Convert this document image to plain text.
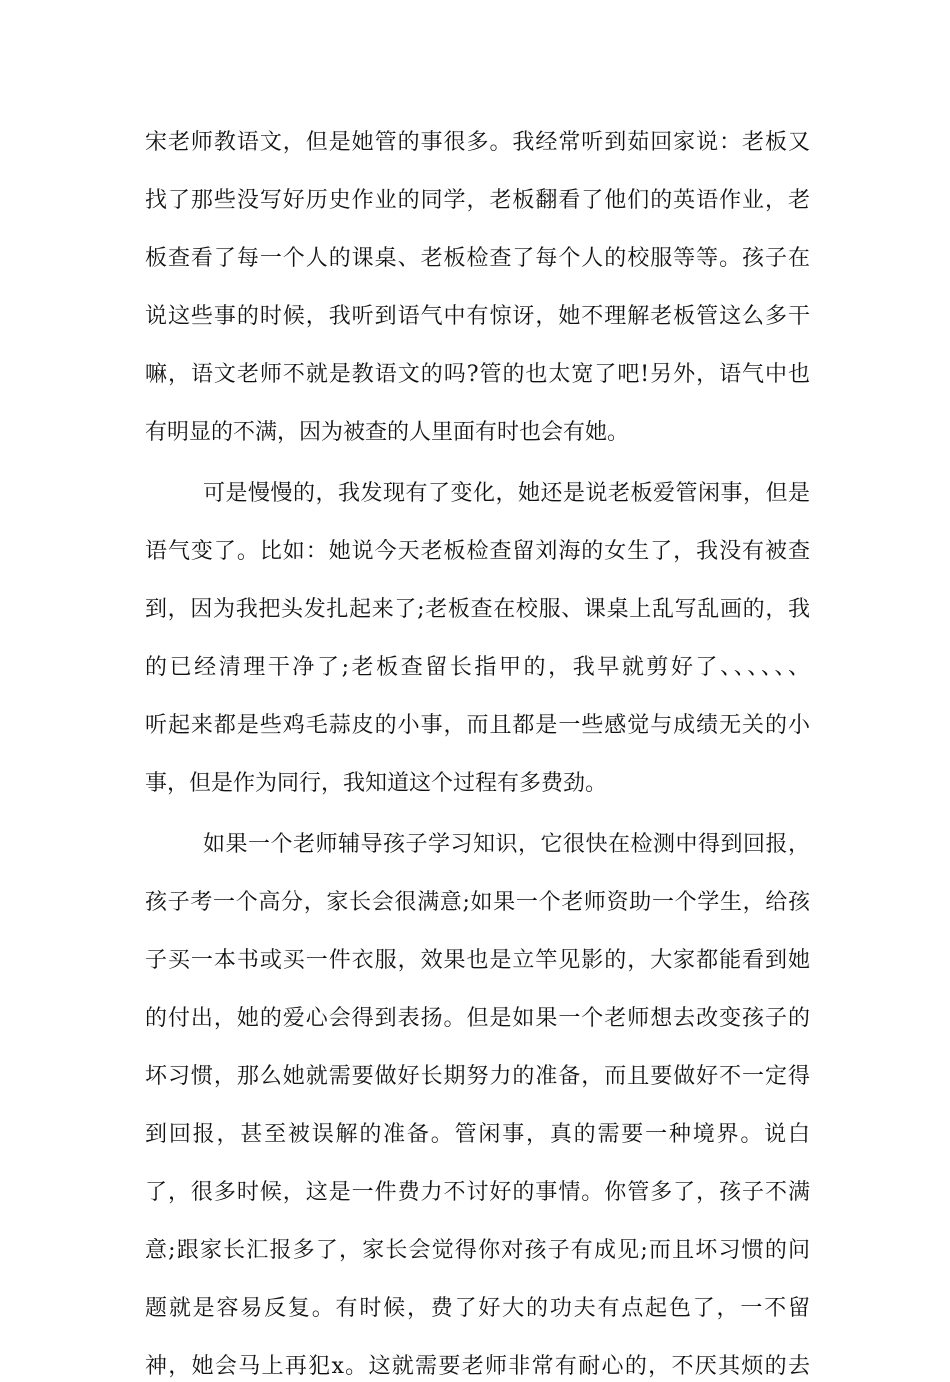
宋老师教语文，但是她管的事很多。我经常听到茹回家说：老板又
找了那些没写好历史作业的同学，老板翻看了他们的英语作业，老
板查看了每一个人的课桌、老板检查了每个人的校服等等。孩子在
说这些事的时候，我听到语气中有惊讶，她不理解老板管这么多干
嘛，语文老师不就是教语文的吗?管的也太宽了吧!另外，语气中也
有明显的不满，因为被查的人里面有时也会有她。
可是慢慢的，我发现有了变化，她还是说老板爱管闲事，但是
语气变了。比如：她说今天老板检查留刘海的女生了，我没有被查
到，因为我把头发扎起来了;老板查在校服、课桌上乱写乱画的，我
的已经清理干净了;老板查留长指甲的，我早就剪好了、、、、、、
听起来都是些鸡毛蒜皮的小事，而且都是一些感觉与成绩无关的小
事，但是作为同行，我知道这个过程有多费劲。
如果一个老师辅导孩子学习知识，它很快在检测中得到回报，
孩子考一个高分，家长会很满意;如果一个老师资助一个学生，给孩
子买一本书或买一件衣服，效果也是立竿见影的，大家都能看到她
的付出，她的爱心会得到表扬。但是如果一个老师想去改变孩子的
坏习惯，那么她就需要做好长期努力的准备，而且要做好不一定得
到回报，甚至被误解的准备。管闲事，真的需要一种境界。说白
了，很多时候，这是一件费力不讨好的事情。你管多了，孩子不满
意;跟家长汇报多了，家长会觉得你对孩子有成见;而且坏习惯的问
题就是容易反复。有时候，费了好大的功夫有点起色了，一不留
神，她会马上再犯x。这就需要老师非常有耐心的，不厌其烦的去
